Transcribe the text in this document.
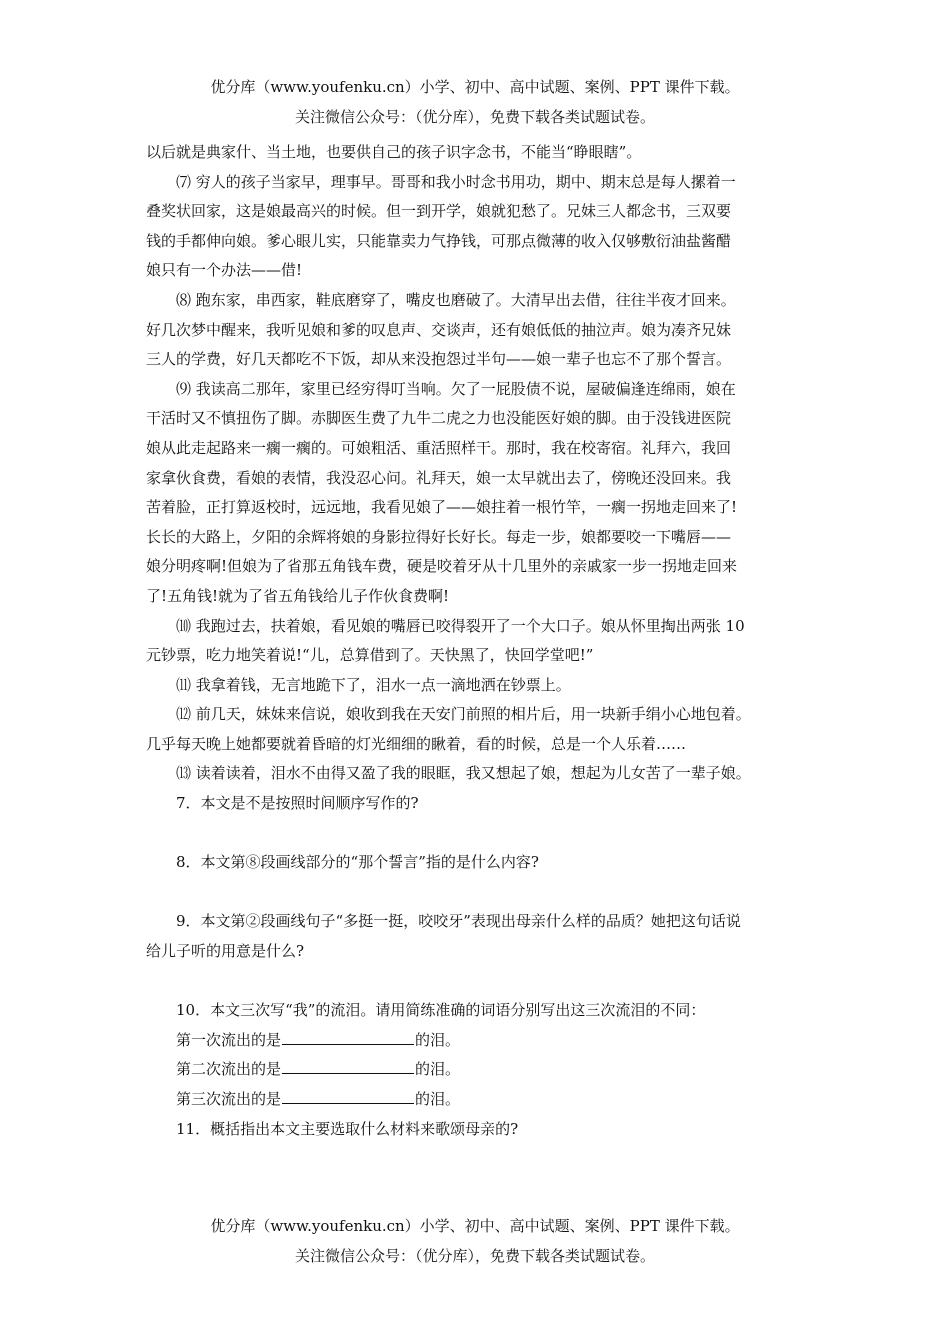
优分库（www.youfenku.cn）小学、初中、高中试题、案例、PPT 课件下载。
关注微信公众号：（优分库），免费下载各类试题试卷。
以后就是典家什、当土地，也要供自己的孩子识字念书，不能当“睁眼瞎”。
⑺ 穷人的孩子当家早，理事早。哥哥和我小时念书用功，期中、期末总是每人摞着一
叠奖状回家，这是娘最高兴的时候。但一到开学，娘就犯愁了。兄妹三人都念书，三双要
钱的手都伸向娘。爹心眼儿实，只能靠卖力气挣钱，可那点微薄的收入仅够敷衍油盐酱醋
娘只有一个办法——借!
⑻ 跑东家，串西家，鞋底磨穿了，嘴皮也磨破了。大清早出去借，往往半夜才回来。
好几次梦中醒来，我听见娘和爹的叹息声、交谈声，还有娘低低的抽泣声。娘为凑齐兄妹
三人的学费，好几天都吃不下饭，却从来没抱怨过半句——娘一辈子也忘不了那个誓言。
⑼ 我读高二那年，家里已经穷得叮当响。欠了一屁股债不说，屋破偏逢连绵雨，娘在
干活时又不慎扭伤了脚。赤脚医生费了九牛二虎之力也没能医好娘的脚。由于没钱进医院
娘从此走起路来一瘸一瘸的。可娘粗活、重活照样干。那时，我在校寄宿。礼拜六，我回
家拿伙食费，看娘的表情，我没忍心问。礼拜天，娘一太早就出去了，傍晚还没回来。我
苦着脸，正打算返校时，远远地，我看见娘了——娘拄着一根竹竿，一瘸一拐地走回来了!
长长的大路上，夕阳的余辉将娘的身影拉得好长好长。每走一步，娘都要咬一下嘴唇——
娘分明疼啊!但娘为了省那五角钱车费，硬是咬着牙从十几里外的亲戚家一步一拐地走回来
了!五角钱!就为了省五角钱给儿子作伙食费啊!
⑽ 我跑过去，扶着娘，看见娘的嘴唇已咬得裂开了一个大口子。娘从怀里掏出两张 10
元钞票，吃力地笑着说!“儿，总算借到了。天快黑了，快回学堂吧!”
⑾ 我拿着钱，无言地跪下了，泪水一点一滴地洒在钞票上。
⑿ 前几天，妹妹来信说，娘收到我在天安门前照的相片后，用一块新手绢小心地包着。
几乎每天晚上她都要就着昏暗的灯光细细的瞅着，看的时候，总是一个人乐着……
⒀ 读着读着，泪水不由得又盈了我的眼眶，我又想起了娘，想起为儿女苦了一辈子娘。
7．本文是不是按照时间顺序写作的?
8．本文第⑧段画线部分的“那个誓言”指的是什么内容?
9．本文第②段画线句子“多挺一挺，咬咬牙”表现出母亲什么样的品质？她把这句话说
给儿子听的用意是什么?
10．本文三次写“我”的流泪。请用简练准确的词语分别写出这三次流泪的不同：
第一次流出的是	的泪。
第二次流出的是	的泪。
第三次流出的是	的泪。
11．概括指出本文主要选取什么材料来歌颂母亲的?
优分库（www.youfenku.cn）小学、初中、高中试题、案例、PPT 课件下载。
关注微信公众号：（优分库），免费下载各类试题试卷。
